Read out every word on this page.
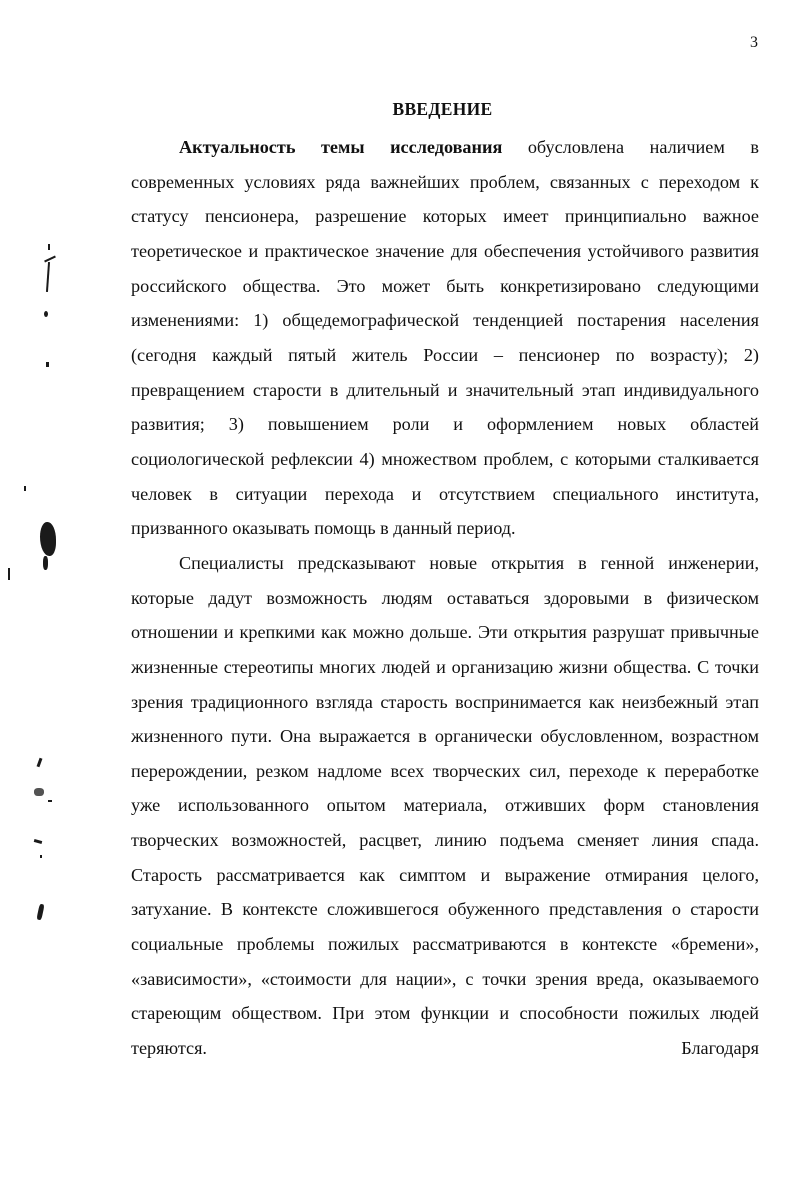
3
ВВЕДЕНИЕ

Актуальность темы исследования обусловлена наличием в современных условиях ряда важнейших проблем, связанных с переходом к статусу пенсионера, разрешение которых имеет принципиально важное теоретическое и практическое значение для обеспечения устойчивого развития российского общества. Это может быть конкретизировано следующими изменениями: 1) общедемографической тенденцией постарения населения (сегодня каждый пятый житель России – пенсионер по возрасту); 2) превращением старости в длительный и значительный этап индивидуального развития; 3) повышением роли и оформлением новых областей социологической рефлексии 4) множеством проблем, с которыми сталкивается человек в ситуации перехода и отсутствием специального института, призванного оказывать помощь в данный период.

Специалисты предсказывают новые открытия в генной инженерии, которые дадут возможность людям оставаться здоровыми в физическом отношении и крепкими как можно дольше. Эти открытия разрушат привычные жизненные стереотипы многих людей и организацию жизни общества. С точки зрения традиционного взгляда старость воспринимается как неизбежный этап жизненного пути. Она выражается в органически обусловленном, возрастном перерождении, резком надломе всех творческих сил, переходе к переработке уже использованного опытом материала, отживших форм становления творческих возможностей, расцвет, линию подъема сменяет линия спада. Старость рассматривается как симптом и выражение отмирания целого, затухание. В контексте сложившегося обуженного представления о старости социальные проблемы пожилых рассматриваются в контексте «бремени», «зависимости», «стоимости для нации», с точки зрения вреда, оказываемого стареющим обществом. При этом функции и способности пожилых людей теряются. Благодаря
